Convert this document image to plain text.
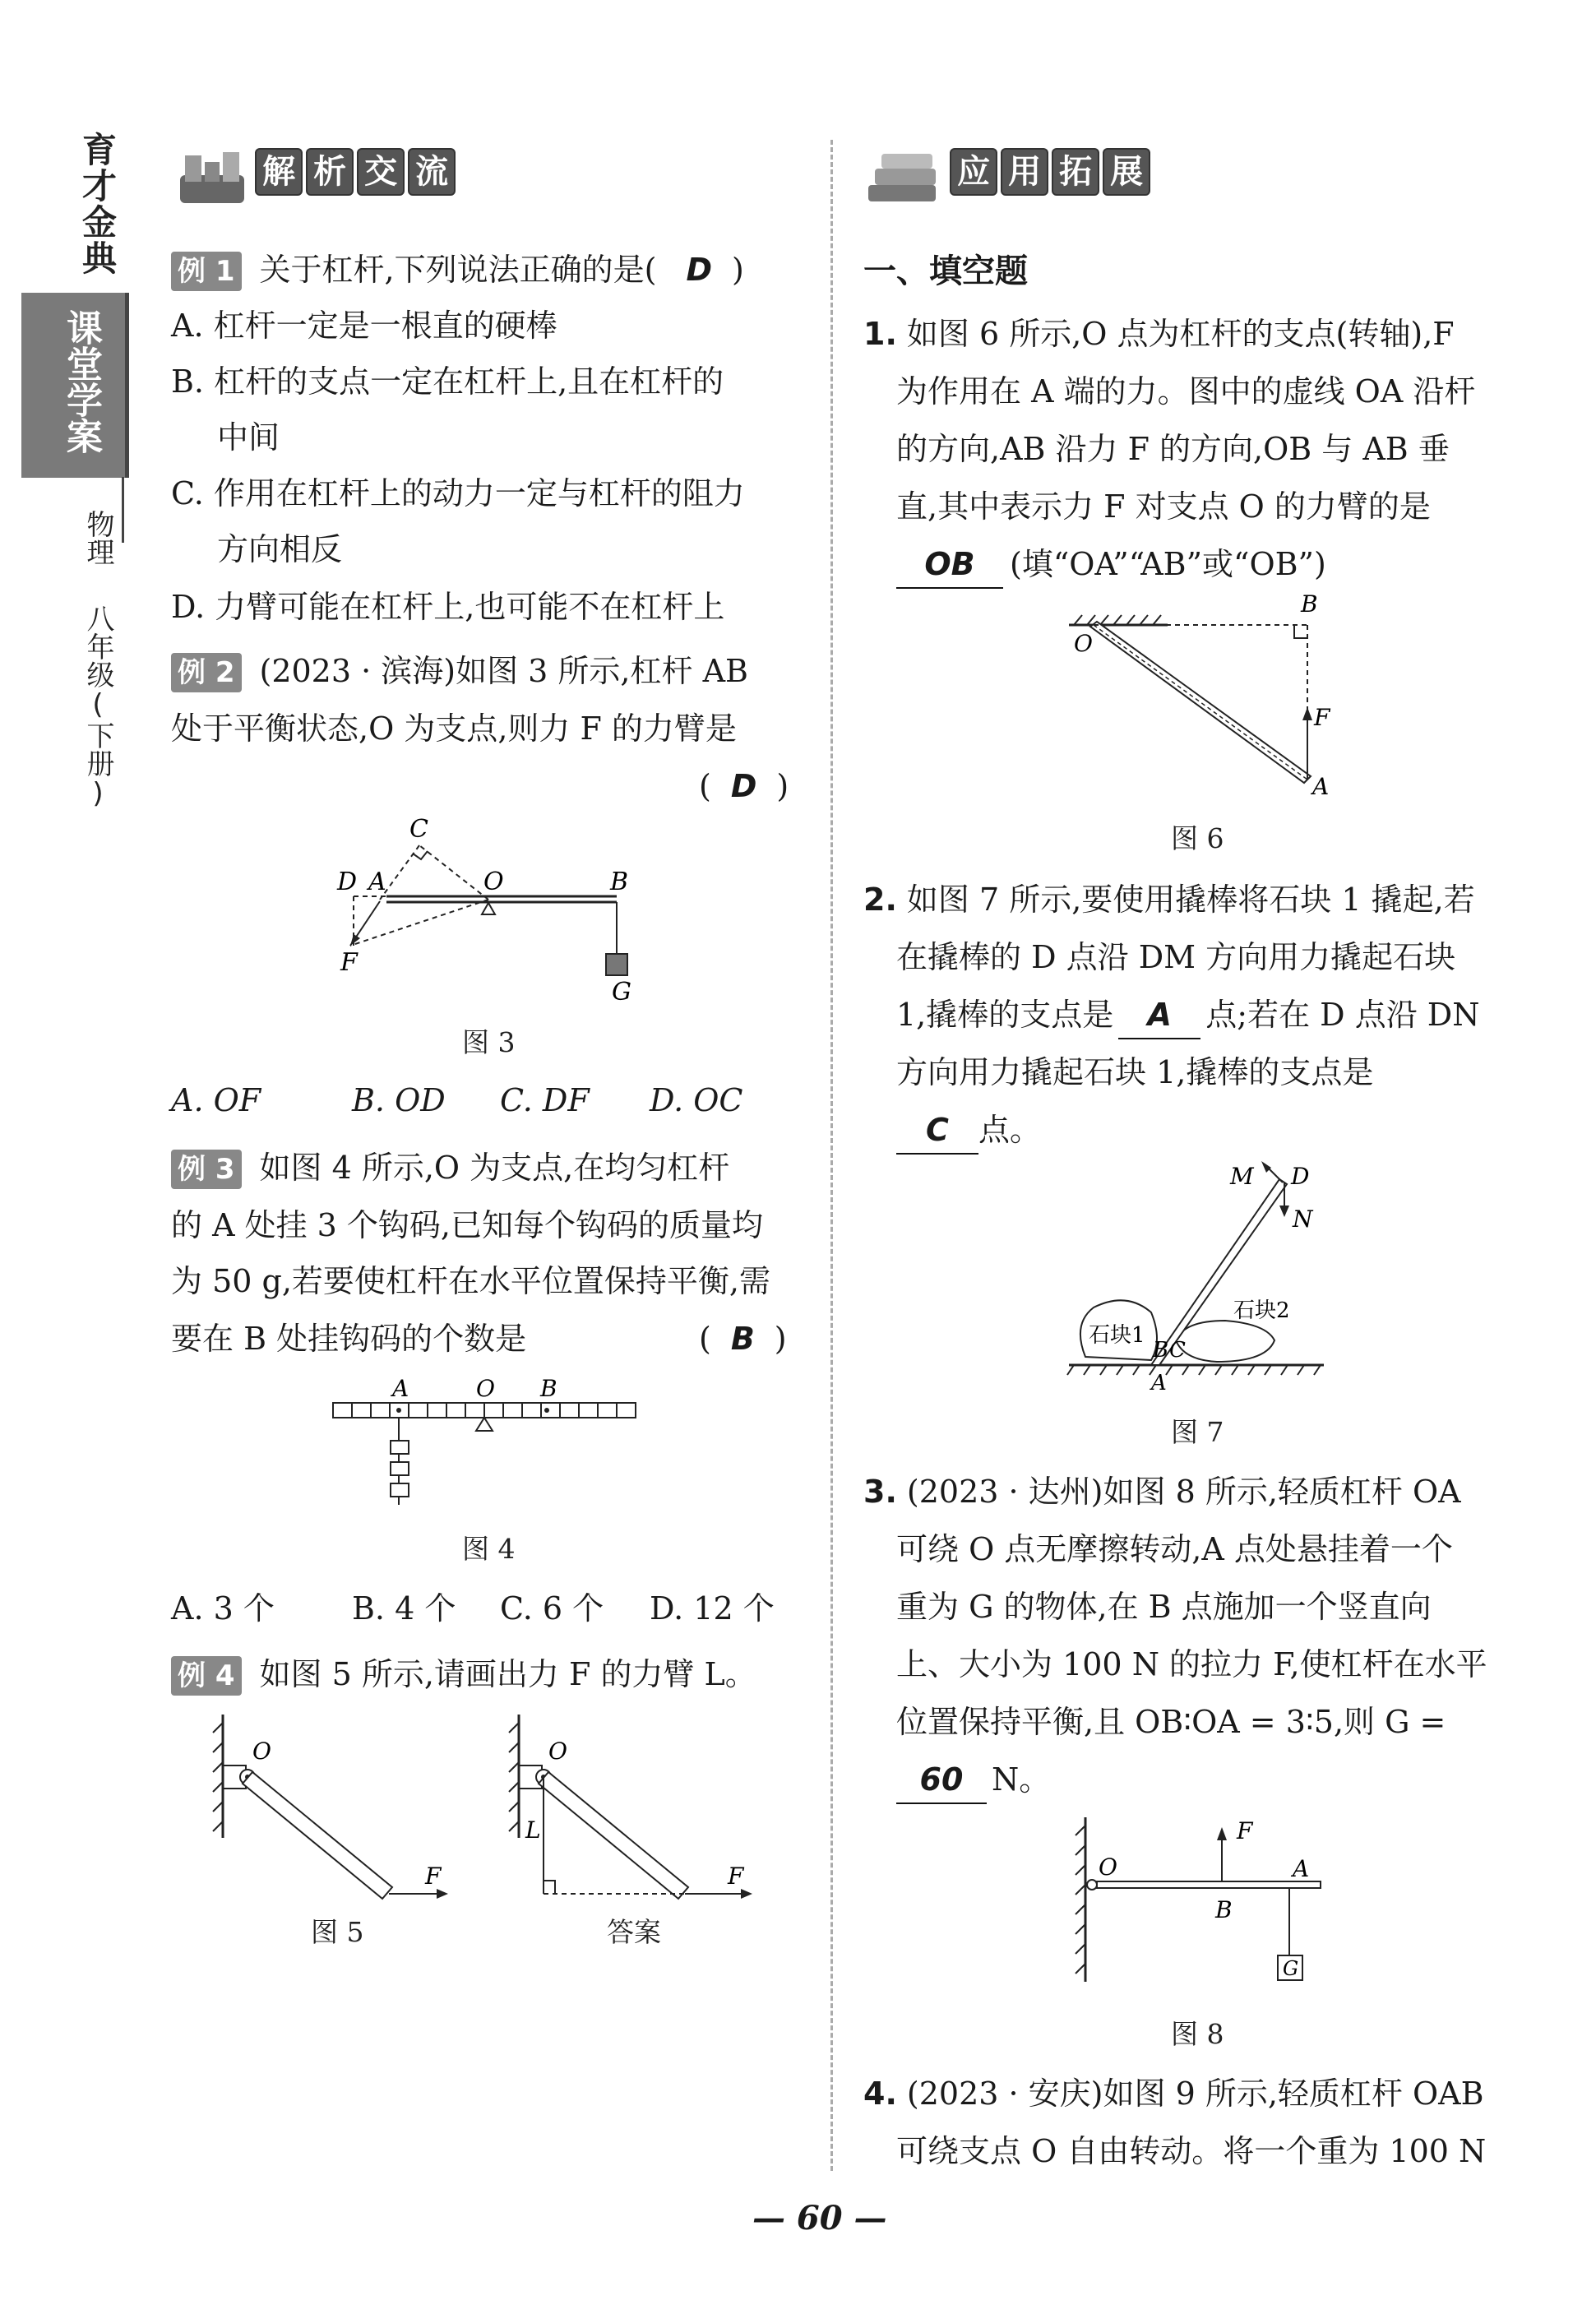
育才金典
课堂学案
物理
八年级(下册)
解 析 交 流
例 1 关于杠杆,下列说法正确的是( D )
A. 杠杆一定是一根直的硬棒
B. 杠杆的支点一定在杠杆上,且在杠杆的
中间
C. 作用在杠杆上的动力一定与杠杆的阻力
方向相反
D. 力臂可能在杠杆上,也可能不在杠杆上
例 2 (2023 · 滨海)如图 3 所示,杠杆 AB
处于平衡状态,O 为支点,则力 F 的力臂是
( D )
C
D A	O	B
F
G
图 3
A. OF	B. OD C. DF D. OC
例 3 如图 4 所示,O 为支点,在均匀杠杆
的 A 处挂 3 个钩码,已知每个钩码的质量均
为 50 g,若要使杠杆在水平位置保持平衡,需
要在 B 处挂钩码的个数是	( B )
A	O B
图 4
A. 3 个 B. 4 个 C. 6 个 D. 12 个
例 4 如图 5 所示,请画出力 F 的力臂 L。
O
F
O
L
F
图 5	答案
应 用 拓 展
一、填空题
1. 如图 6 所示,O 点为杠杆的支点(转轴),F
为作用在 A 端的力。图中的虚线 OA 沿杆
的方向,AB 沿力 F 的方向,OB 与 AB 垂
直,其中表示力 F 对支点 O 的力臂的是
OB (填“OA”“AB”或“OB”)
O
B
F
A
图 6
2. 如图 7 所示,要使用撬棒将石块 1 撬起,若
在撬棒的 D 点沿 DM 方向用力撬起石块
1,撬棒的支点是 A 点;若在 D 点沿 DN
方向用力撬起石块 1,撬棒的支点是
C 点。
M D
N
石块1
石块2
B C
A
图 7
3. (2023 · 达州)如图 8 所示,轻质杠杆 OA
可绕 O 点无摩擦转动,A 点处悬挂着一个
重为 G 的物体,在 B 点施加一个竖直向
上、大小为 100 N 的拉力 F,使杠杆在水平
位置保持平衡,且 OB∶OA = 3∶5,则 G =
60 N。
O
F
A
B
G
图 8
4. (2023 · 安庆)如图 9 所示,轻质杠杆 OAB
可绕支点 O 自由转动。将一个重为 100 N
— 60 —
